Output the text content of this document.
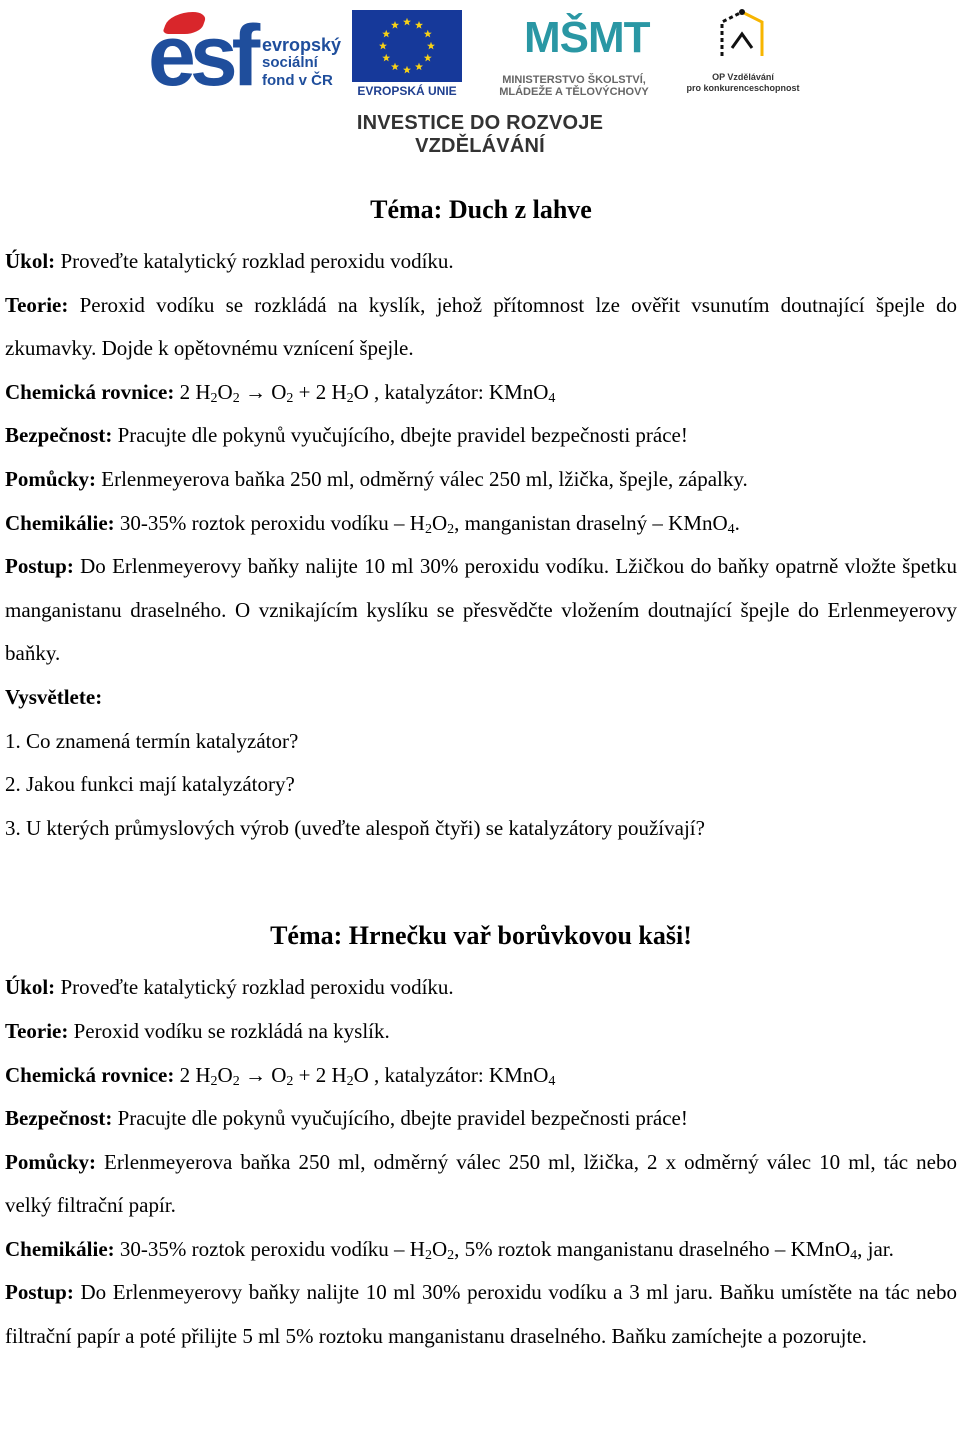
esf evropský
sociální
fond v ČR
EVROPSKÁ UNIE
MŠMT
MINISTERSTVO ŠKOLSTVÍ,
MLÁDEŽE A TĚLOVÝCHOVY
OP Vzdělávání
pro konkurenceschopnost
INVESTICE DO ROZVOJE VZDĚLÁVÁNÍ
Téma: Duch z lahve

Úkol: Proveďte katalytický rozklad peroxidu vodíku.

Teorie: Peroxid vodíku se rozkládá na kyslík, jehož přítomnost lze ověřit vsunutím doutnající špejle do zkumavky. Dojde k opětovnému vznícení špejle.

Chemická rovnice: 2 $H_2O_2 \to O_2 + 2$ $H_2O$ , katalyzátor: KMnO$_4$

Bezpečnost: Pracujte dle pokynů vyučujícího, dbejte pravidel bezpečnosti práce!

Pomůcky: Erlenmeyerova baňka 250 ml, odměrný válec 250 ml, lžička, špejle, zápalky.

Chemikálie: 30-35% roztok peroxidu vodíku – $H_2O_2$, manganistan draselný – KMnO$_4$.

Postup: Do Erlenmeyerovy baňky nalijte 10 ml 30% peroxidu vodíku. Lžičkou do baňky opatrně vložte špetku manganistanu draselného. O vznikajícím kyslíku se přesvědčte vložením doutnající špejle do Erlenmeyerovy baňky.

Vysvětlete:

1. Co znamená termín katalyzátor?

2. Jakou funkci mají katalyzátory?

3. U kterých průmyslových výrob (uveďte alespoň čtyři) se katalyzátory používají?

Téma: Hrnečku vař borůvkovou kaši!

Úkol: Proveďte katalytický rozklad peroxidu vodíku.

Teorie: Peroxid vodíku se rozkládá na kyslík.

Chemická rovnice: 2 $H_2O_2 \to O_2 + 2$ $H_2O$ , katalyzátor: KMnO$_4$

Bezpečnost: Pracujte dle pokynů vyučujícího, dbejte pravidel bezpečnosti práce!

Pomůcky: Erlenmeyerova baňka 250 ml, odměrný válec 250 ml, lžička, 2 x odměrný válec 10 ml, tác nebo velký filtrační papír.

Chemikálie: 30-35% roztok peroxidu vodíku – $H_2O_2$, 5% roztok manganistanu draselného – KMnO$_4$, jar.

Postup: Do Erlenmeyerovy baňky nalijte 10 ml 30% peroxidu vodíku a 3 ml jaru. Baňku umístěte na tác nebo filtrační papír a poté přilijte 5 ml 5% roztoku manganistanu draselného. Baňku zamíchejte a pozorujte.
